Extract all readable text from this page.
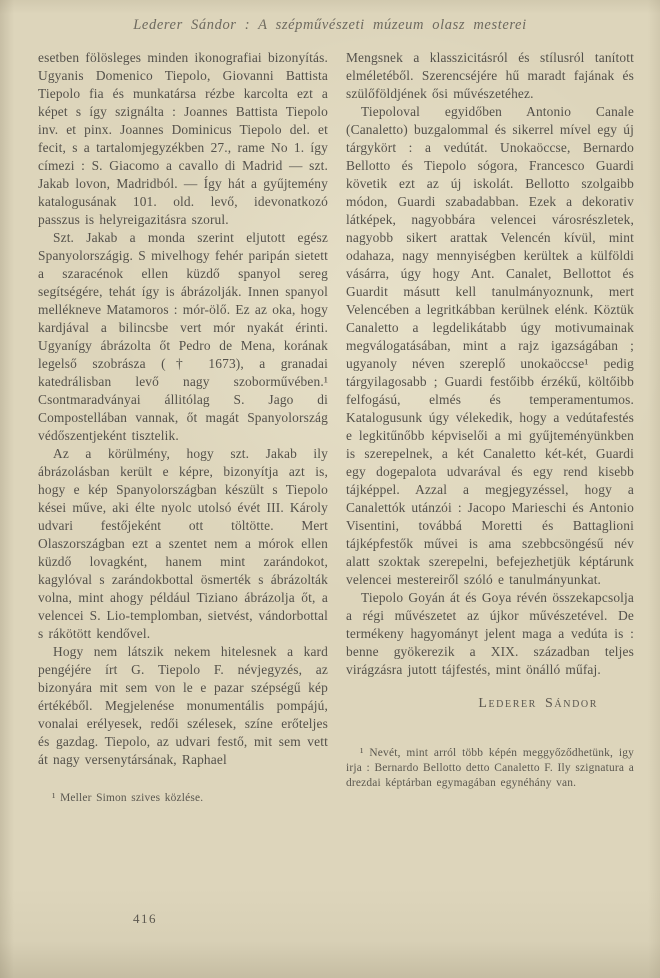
Lederer Sándor : A szépművészeti múzeum olasz mesterei

esetben fölösleges minden ikonografiai bizonyítás. Ugyanis Domenico Tiepolo, Giovanni Battista Tiepolo fia és munkatársa rézbe karcolta ezt a képet s így szignálta : Joannes Battista Tiepolo inv. et pinx. Joannes Dominicus Tiepolo del. et fecit, s a tartalomjegyzékben 27., rame No 1. így címezi : S. Giacomo a cavallo di Madrid — szt. Jakab lovon, Madridból. — Így hát a gyűjtemény katalogusának 101. old. levő, idevonatkozó passzus is helyreigazitásra szorul.

Szt. Jakab a monda szerint eljutott egész Spanyolországig. S mivelhogy fehér paripán sietett a szaracénok ellen küzdő spanyol sereg segítségére, tehát így is ábrázolják. Innen spanyol mellékneve Matamoros : mór-ölő. Ez az oka, hogy kardjával a bilincsbe vert mór nyakát érinti. Ugyanígy ábrázolta őt Pedro de Mena, korának legelső szobrásza († 1673), a granadai katedrálisban levő nagy szoborművében.¹ Csontmaradványai állitólag S. Jago di Compostellában vannak, őt magát Spanyolország védőszentjeként tisztelik.

Az a körülmény, hogy szt. Jakab ily ábrázolásban került e képre, bizonyítja azt is, hogy e kép Spanyolországban készült s Tiepolo kései műve, aki élte nyolc utolsó évét III. Károly udvari festőjeként ott töltötte. Mert Olaszországban ezt a szentet nem a mórok ellen küzdő lovagként, hanem mint zarándokot, kagylóval s zarándokbottal ösmerték s ábrázolták volna, mint ahogy például Tiziano ábrázolja őt, a velencei S. Lio-templomban, sietvést, vándorbottal s rákötött kendővel.

Hogy nem látszik nekem hitelesnek a kard pengéjére írt G. Tiepolo F. névjegyzés, az bizonyára mit sem von le e pazar szépségű kép értékéből. Megjelenése monumentális pompájú, vonalai erélyesek, redői szélesek, színe erőteljes és gazdag. Tiepolo, az udvari festő, mit sem vett át nagy versenytársának, Raphael

¹ Meller Simon szives közlése.

Mengsnek a klasszicitásról és stílusról tanított elméletéből. Szerencséjére hű maradt fajának és szülőföldjének ősi művészetéhez.

Tiepoloval egyidőben Antonio Canale (Canaletto) buzgalommal és sikerrel mível egy új tárgykört : a vedútát. Unokaöccse, Bernardo Bellotto és Tiepolo sógora, Francesco Guardi követik ezt az új iskolát. Bellotto szolgaibb módon, Guardi szabadabban. Ezek a dekorativ látképek, nagyobbára velencei városrészletek, nagyobb sikert arattak Velencén kívül, mint odahaza, nagy mennyiségben kerültek a külföldi vásárra, úgy hogy Ant. Canalet, Bellottot és Guardit másutt kell tanulmányoznunk, mert Velencében a legritkábban kerülnek elénk. Köztük Canaletto a legdelikátabb úgy motivumainak megválogatásában, mint a rajz igazságában ; ugyanoly néven szereplő unokaöccse¹ pedig tárgyilagosabb ; Guardi festőibb érzékű, költőibb felfogású, elmés és temperamentumos. Katalogusunk úgy vélekedik, hogy a vedútafestés e legkitűnőbb képviselői a mi gyűjteményünkben is szerepelnek, a két Canaletto két-két, Guardi egy dogepalota udvarával és egy rend kisebb tájképpel. Azzal a megjegyzéssel, hogy a Canalettók utánzói : Jacopo Marieschi és Antonio Visentini, továbbá Moretti és Battaglioni tájképfestők művei is ama szebbcsöngésű név alatt szoktak szerepelni, befejezhetjük képtárunk velencei mestereiről szóló e tanulmányunkat.

Tiepolo Goyán át és Goya révén összekapcsolja a régi művészetet az újkor művészetével. De termékeny hagyományt jelent maga a vedúta is : benne gyökerezik a XIX. században teljes virágzásra jutott tájfestés, mint önálló műfaj.

Lederer Sándor
¹ Nevét, mint arról több képén meggyőződhetünk, igy irja : Bernardo Bellotto detto Canaletto F. Ily szignatura a drezdai képtárban egymagában egynéhány van.
416
